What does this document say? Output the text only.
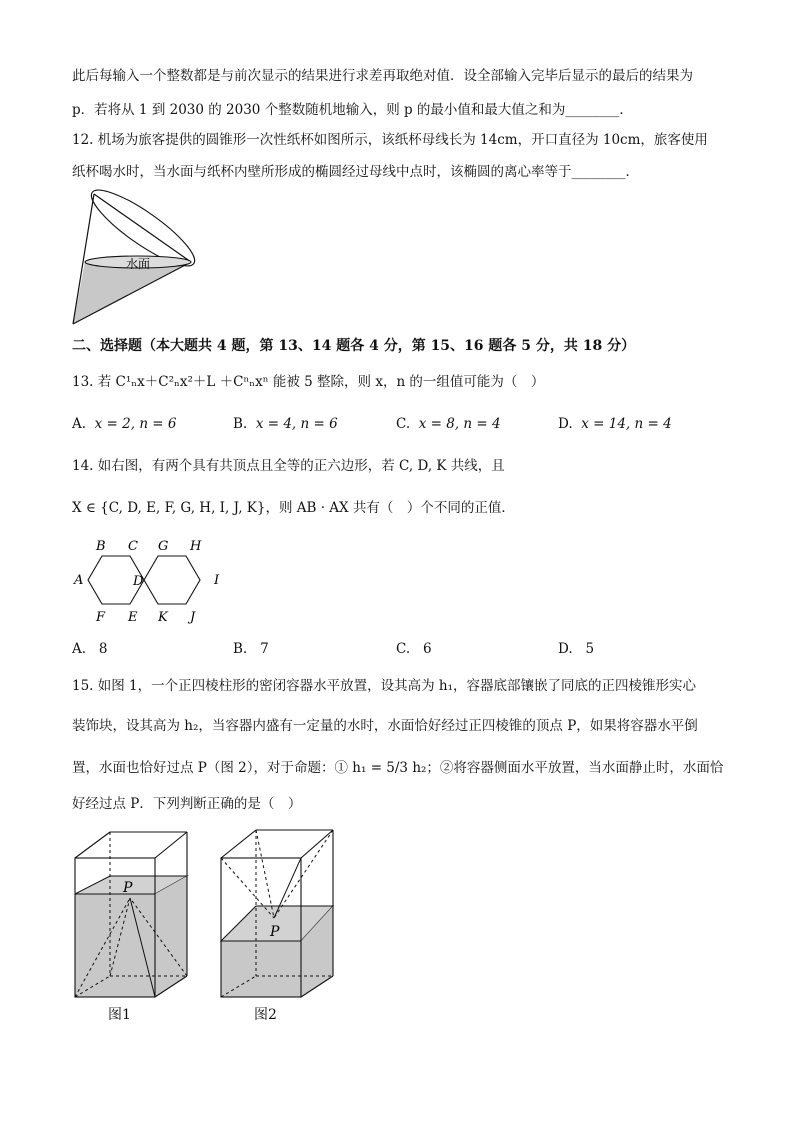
此后每输入一个整数都是与前次显示的结果进行求差再取绝对值．设全部输入完毕后显示的最后的结果为
p．若将从 1 到 2030 的 2030 个整数随机地输入，则 p 的最小值和最大值之和为________．
12. 机场为旅客提供的圆锥形一次性纸杯如图所示，该纸杯母线长为 14cm，开口直径为 10cm，旅客使用
纸杯喝水时，当水面与纸杯内壁所形成的椭圆经过母线中点时，该椭圆的离心率等于________．
水面
二、选择题（本大题共 4 题，第 13、14 题各 4 分，第 15、16 题各 5 分，共 18 分）
13. 若 C¹ₙx＋C²ₙx²＋L ＋Cⁿₙxⁿ 能被 5 整除，则 x，n 的一组值可能为（　）
A. x = 2, n = 6	B. x = 4, n = 6	C. x = 8, n = 4	D. x = 14, n = 4
14. 如右图，有两个具有共顶点且全等的正六边形，若 C, D, K 共线，且
X ∈ {C, D, E, F, G, H, I, J, K}，则 AB · AX 共有（　）个不同的正值．
B C G H
A	D	I
F E K J
A. 8	B. 7	C. 6	D. 5
15. 如图 1，一个正四棱柱形的密闭容器水平放置，设其高为 h₁，容器底部镶嵌了同底的正四棱锥形实心
装饰块，设其高为 h₂，当容器内盛有一定量的水时，水面恰好经过正四棱锥的顶点 P，如果将容器水平倒
置，水面也恰好过点 P（图 2），对于命题：① h₁ = 5/3 h₂；②将容器侧面水平放置，当水面静止时，水面恰
好经过点 P．下列判断正确的是（　）
P
图1
P
图2
